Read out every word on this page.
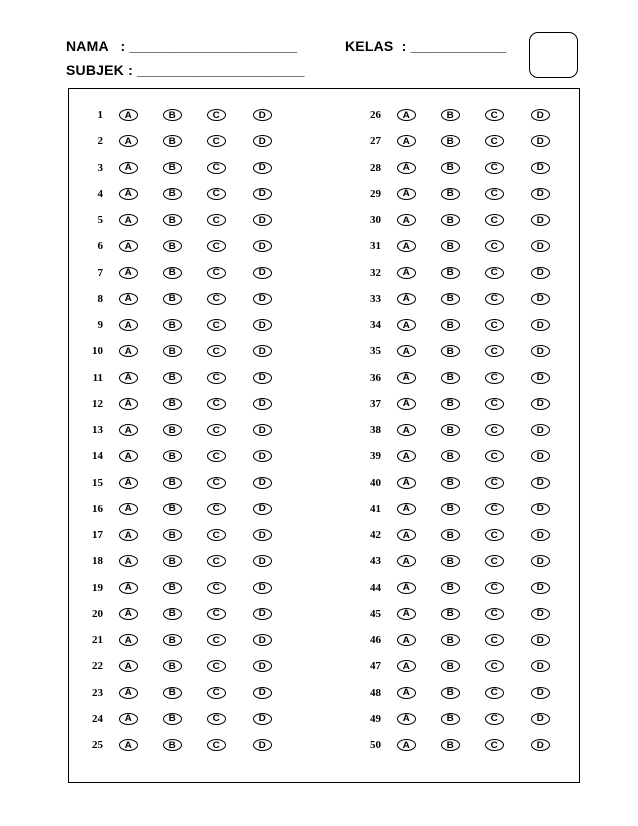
NAMA   : _____________________	KELAS  : ____________
SUBJEK : _____________________
1 A	B	C	D
2 A	B	C	D
3 A	B	C	D
4 A	B	C	D
5 A	B	C	D
6 A	B	C	D
7 A	B	C	D
8 A	B	C	D
9 A	B	C	D
10 A	B	C	D
11 A	B	C	D
12 A	B	C	D
13 A	B	C	D
14 A	B	C	D
15 A	B	C	D
16 A	B	C	D
17 A	B	C	D
18 A	B	C	D
19 A	B	C	D
20 A	B	C	D
21 A	B	C	D
22 A	B	C	D
23 A	B	C	D
24 A	B	C	D
25 A	B	C	D
26 A	B	C	D
27 A	B	C	D
28 A	B	C	D
29 A	B	C	D
30 A	B	C	D
31 A	B	C	D
32 A	B	C	D
33 A	B	C	D
34 A	B	C	D
35 A	B	C	D
36 A	B	C	D
37 A	B	C	D
38 A	B	C	D
39 A	B	C	D
40 A	B	C	D
41 A	B	C	D
42 A	B	C	D
43 A	B	C	D
44 A	B	C	D
45 A	B	C	D
46 A	B	C	D
47 A	B	C	D
48 A	B	C	D
49 A	B	C	D
50 A	B	C	D
